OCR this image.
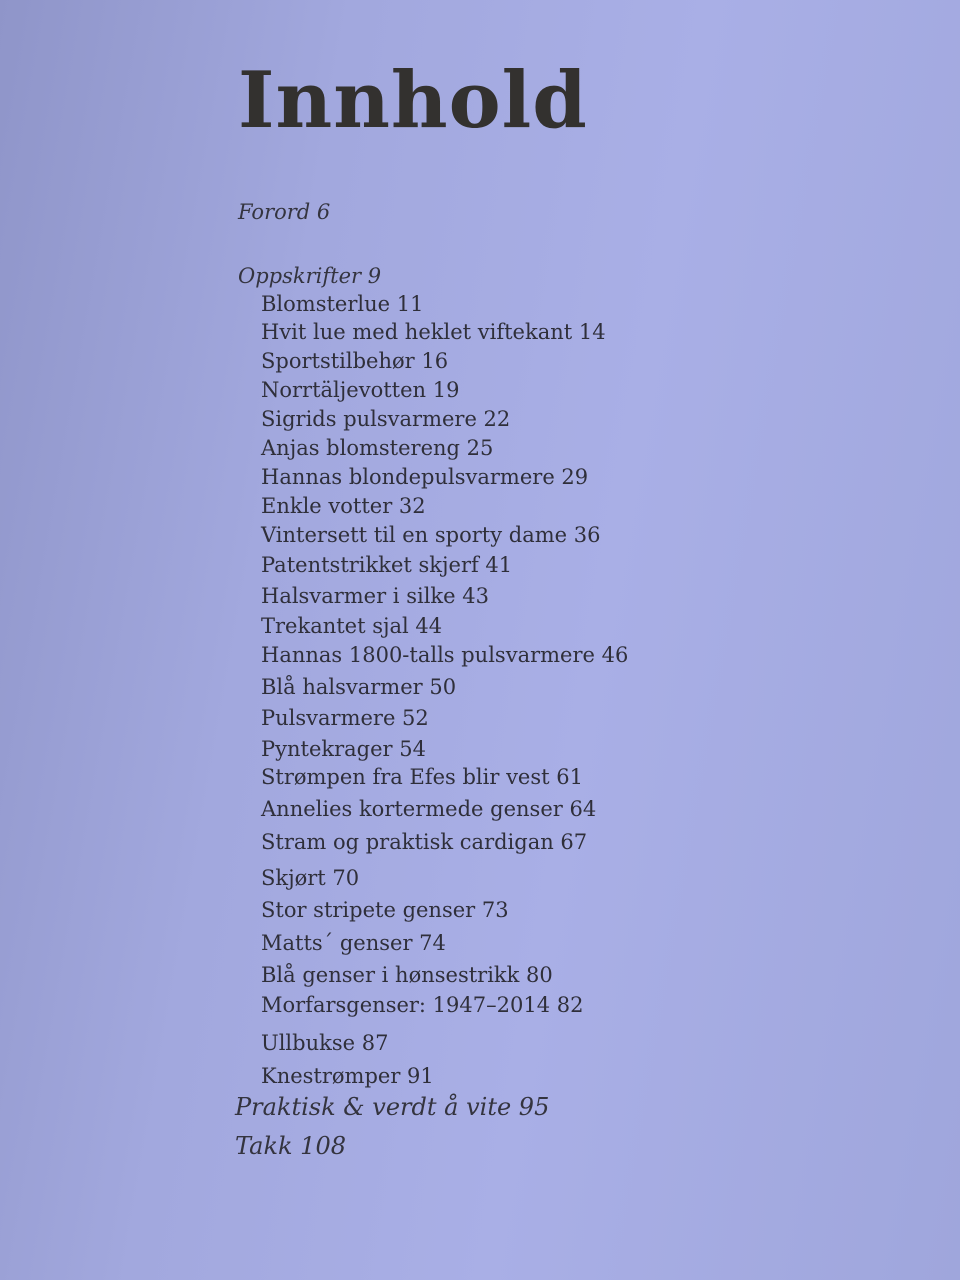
Innhold
Forord 6
Oppskrifter 9
Blomsterlue 11
Hvit lue med heklet viftekant 14
Sportstilbehør 16
Norrtäljevotten 19
Sigrids pulsvarmere 22
Anjas blomstereng 25
Hannas blondepulsvarmere 29
Enkle votter 32
Vintersett til en sporty dame 36
Patentstrikket skjerf 41
Halsvarmer i silke 43
Trekantet sjal 44
Hannas 1800-talls pulsvarmere 46
Blå halsvarmer 50
Pulsvarmere 52
Pyntekrager 54
Strømpen fra Efes blir vest 61
Annelies kortermede genser 64
Stram og praktisk cardigan 67
Skjørt 70
Stor stripete genser 73
Matts´ genser 74
Blå genser i hønsestrikk 80
Morfarsgenser: 1947–2014 82
Ullbukse 87
Knestrømper 91
Praktisk & verdt å vite 95
Takk 108
